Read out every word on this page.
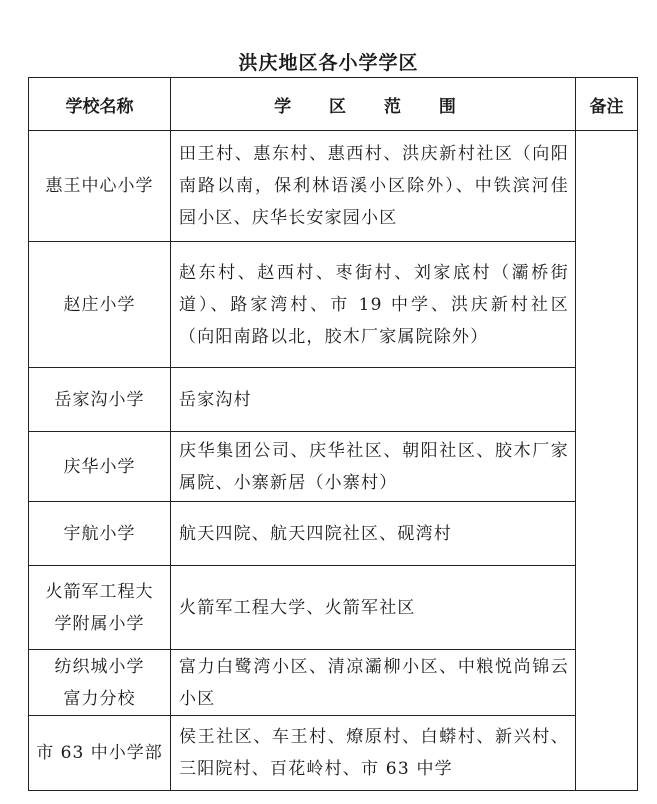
洪庆地区各小学学区
学校名称	学 区 范 围	备注
惠王中心小学	田王村、惠东村、惠西村、洪庆新村社区（向阳南路以南，保利林语溪小区除外）、中铁滨河佳园小区、庆华长安家园小区	
赵庄小学	赵东村、赵西村、枣街村、刘家底村（灞桥街道）、路家湾村、市 19 中学、洪庆新村社区（向阳南路以北，胶木厂家属院除外）	
岳家沟小学	岳家沟村	
庆华小学	庆华集团公司、庆华社区、朝阳社区、胶木厂家属院、小寨新居（小寨村）	
宇航小学	航天四院、航天四院社区、砚湾村	
火箭军工程大学附属小学	火箭军工程大学、火箭军社区	
纺织城小学富力分校	富力白鹭湾小区、清凉灞柳小区、中粮悦尚锦云小区	
市 63 中小学部	侯王社区、车王村、燎原村、白蟒村、新兴村、三阳院村、百花岭村、市 63 中学	
